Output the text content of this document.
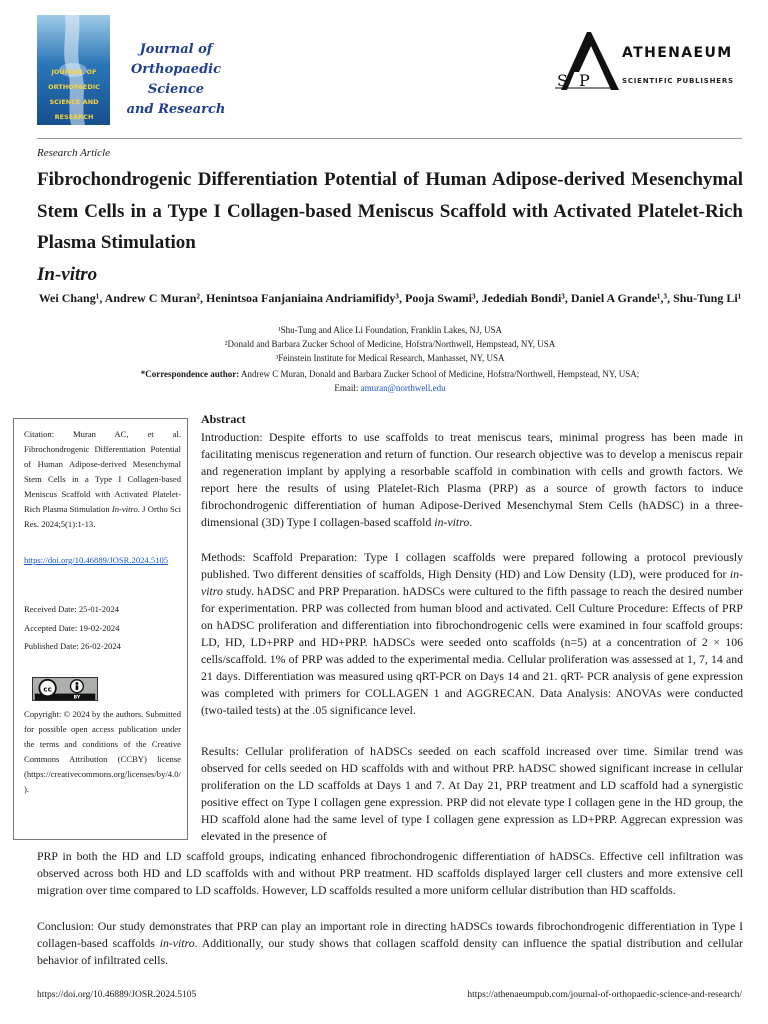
JOURNAL OF ORTHOPAEDIC SCIENCE AND RESEARCH
Journal of
Orthopaedic Science
and Research
S P
ATHENAEUM
SCIENTIFIC PUBLISHERS
Research Article
Fibrochondrogenic Differentiation Potential of Human Adipose-derived Mesenchymal Stem Cells in a Type I Collagen-based Meniscus Scaffold with Activated Platelet-Rich Plasma Stimulation
In-vitro
Wei Chang¹, Andrew C Muran², Henintsoa Fanjaniaina Andriamifidy³, Pooja Swami³, Jedediah Bondi³, Daniel A Grande¹,³, Shu-Tung Li¹
¹Shu-Tung and Alice Li Foundation, Franklin Lakes, NJ, USA
²Donald and Barbara Zucker School of Medicine, Hofstra/Northwell, Hempstead, NY, USA
³Feinstein Institute for Medical Research, Manhasset, NY, USA
*Correspondence author: Andrew C Muran, Donald and Barbara Zucker School of Medicine, Hofstra/Northwell, Hempstead, NY, USA;
Email: amuran@northwell.edu
Citation: Muran AC, et al. Fibrochondrogenic Differentiation Potential of Human Adipose-derived Mesenchymal Stem Cells in a Type I Collagen-based Meniscus Scaffold with Activated Platelet-Rich Plasma Stimulation In-vitro. J Ortho Sci Res. 2024;5(1):1-13.
https://doi.org/10.46889/JOSR.2024.5105
Received Date: 25-01-2024
Accepted Date: 19-02-2024
Published Date: 26-02-2024
cc
BY
Copyright: © 2024 by the authors. Submitted for possible open access publication under the terms and conditions of the Creative Commons Attribution (CCBY) license (https://creativecommons.org/licenses/by/4.0/).
Abstract
Introduction: Despite efforts to use scaffolds to treat meniscus tears, minimal progress has been made in facilitating meniscus regeneration and return of function. Our research objective was to develop a meniscus repair and regeneration implant by applying a resorbable scaffold in combination with cells and growth factors. We report here the results of using Platelet-Rich Plasma (PRP) as a source of growth factors to induce fibrochondrogenic differentiation of human Adipose-Derived Mesenchymal Stem Cells (hADSC) in a three-dimensional (3D) Type I collagen-based scaffold in-vitro.
Methods: Scaffold Preparation: Type I collagen scaffolds were prepared following a protocol previously published. Two different densities of scaffolds, High Density (HD) and Low Density (LD), were produced for in-vitro study. hADSC and PRP Preparation. hADSCs were cultured to the fifth passage to reach the desired number for experimentation. PRP was collected from human blood and activated. Cell Culture Procedure: Effects of PRP on hADSC proliferation and differentiation into fibrochondrogenic cells were examined in four scaffold groups: LD, HD, LD+PRP and HD+PRP. hADSCs were seeded onto scaffolds (n=5) at a concentration of 2 × 106 cells/scaffold. 1% of PRP was added to the experimental media. Cellular proliferation was assessed at 1, 7, 14 and 21 days. Differentiation was measured using qRT-PCR on Days 14 and 21. qRT- PCR analysis of gene expression was completed with primers for COLLAGEN 1 and AGGRECAN. Data Analysis: ANOVAs were conducted (two-tailed tests) at the .05 significance level.
Results: Cellular proliferation of hADSCs seeded on each scaffold increased over time. Similar trend was observed for cells seeded on HD scaffolds with and without PRP. hADSC showed significant increase in cellular proliferation on the LD scaffolds at Days 1 and 7. At Day 21, PRP treatment and LD scaffold had a synergistic positive effect on Type I collagen gene expression. PRP did not elevate type I collagen gene in the HD group, the HD scaffold alone had the same level of type I collagen gene expression as LD+PRP. Aggrecan expression was elevated in the presence of
PRP in both the HD and LD scaffold groups, indicating enhanced fibrochondrogenic differentiation of hADSCs. Effective cell infiltration was observed across both HD and LD scaffolds with and without PRP treatment. HD scaffolds displayed larger cell clusters and more extensive cell migration over time compared to LD scaffolds. However, LD scaffolds resulted a more uniform cellular distribution than HD scaffolds.
Conclusion: Our study demonstrates that PRP can play an important role in directing hADSCs towards fibrochondrogenic differentiation in Type I collagen-based scaffolds in-vitro. Additionally, our study shows that collagen scaffold density can influence the spatial distribution and cellular behavior of infiltrated cells.
https://doi.org/10.46889/JOSR.2024.5105	https://athenaeumpub.com/journal-of-orthopaedic-science-and-research/
